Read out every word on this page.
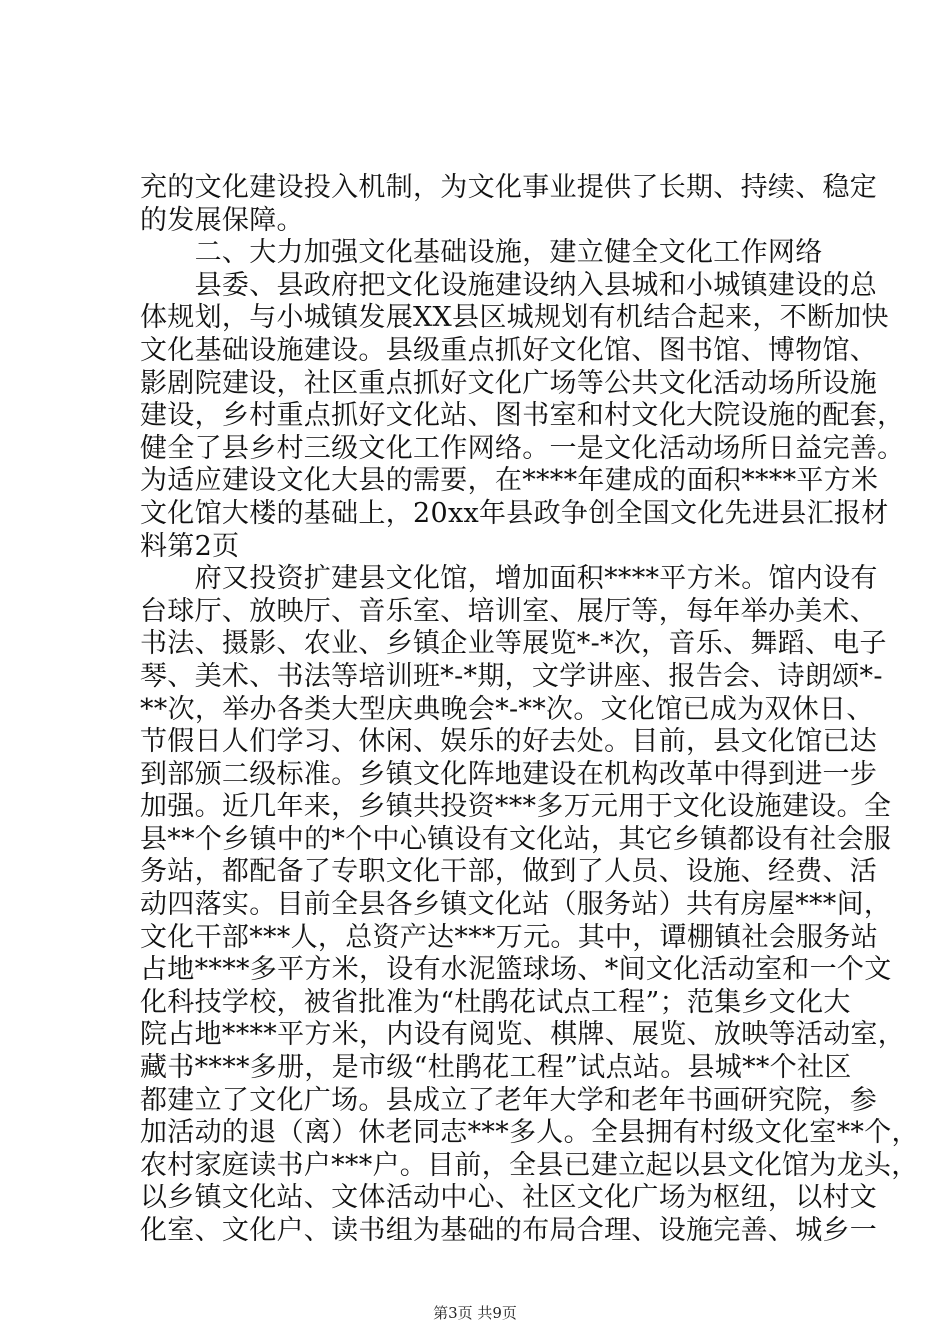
充的文化建设投入机制，为文化事业提供了长期、持续、稳定
的发展保障。
　　二、大力加强文化基础设施，建立健全文化工作网络
　　县委、县政府把文化设施建设纳入县城和小城镇建设的总
体规划，与小城镇发展XX县区城规划有机结合起来，不断加快
文化基础设施建设。县级重点抓好文化馆、图书馆、博物馆、
影剧院建设，社区重点抓好文化广场等公共文化活动场所设施
建设，乡村重点抓好文化站、图书室和村文化大院设施的配套，
健全了县乡村三级文化工作网络。一是文化活动场所日益完善。
为适应建设文化大县的需要，在****年建成的面积****平方米
文化馆大楼的基础上，20xx年县政争创全国文化先进县汇报材
料第2页
　　府又投资扩建县文化馆，增加面积****平方米。馆内设有
台球厅、放映厅、音乐室、培训室、展厅等，每年举办美术、
书法、摄影、农业、乡镇企业等展览*-*次，音乐、舞蹈、电子
琴、美术、书法等培训班*-*期，文学讲座、报告会、诗朗颂*-
**次，举办各类大型庆典晚会*-**次。文化馆已成为双休日、
节假日人们学习、休闲、娱乐的好去处。目前，县文化馆已达
到部颁二级标准。乡镇文化阵地建设在机构改革中得到进一步
加强。近几年来，乡镇共投资***多万元用于文化设施建设。全
县**个乡镇中的*个中心镇设有文化站，其它乡镇都设有社会服
务站，都配备了专职文化干部，做到了人员、设施、经费、活
动四落实。目前全县各乡镇文化站（服务站）共有房屋***间，
文化干部***人，总资产达***万元。其中，谭棚镇社会服务站
占地****多平方米，设有水泥篮球场、*间文化活动室和一个文
化科技学校，被省批准为“杜鹃花试点工程”；范集乡文化大
院占地****平方米，内设有阅览、棋牌、展览、放映等活动室，
藏书****多册，是市级“杜鹃花工程”试点站。县城**个社区
都建立了文化广场。县成立了老年大学和老年书画研究院，参
加活动的退（离）休老同志***多人。全县拥有村级文化室**个，
农村家庭读书户***户。目前，全县已建立起以县文化馆为龙头，
以乡镇文化站、文体活动中心、社区文化广场为枢纽，以村文
化室、文化户、读书组为基础的布局合理、设施完善、城乡一
第3页 共9页
